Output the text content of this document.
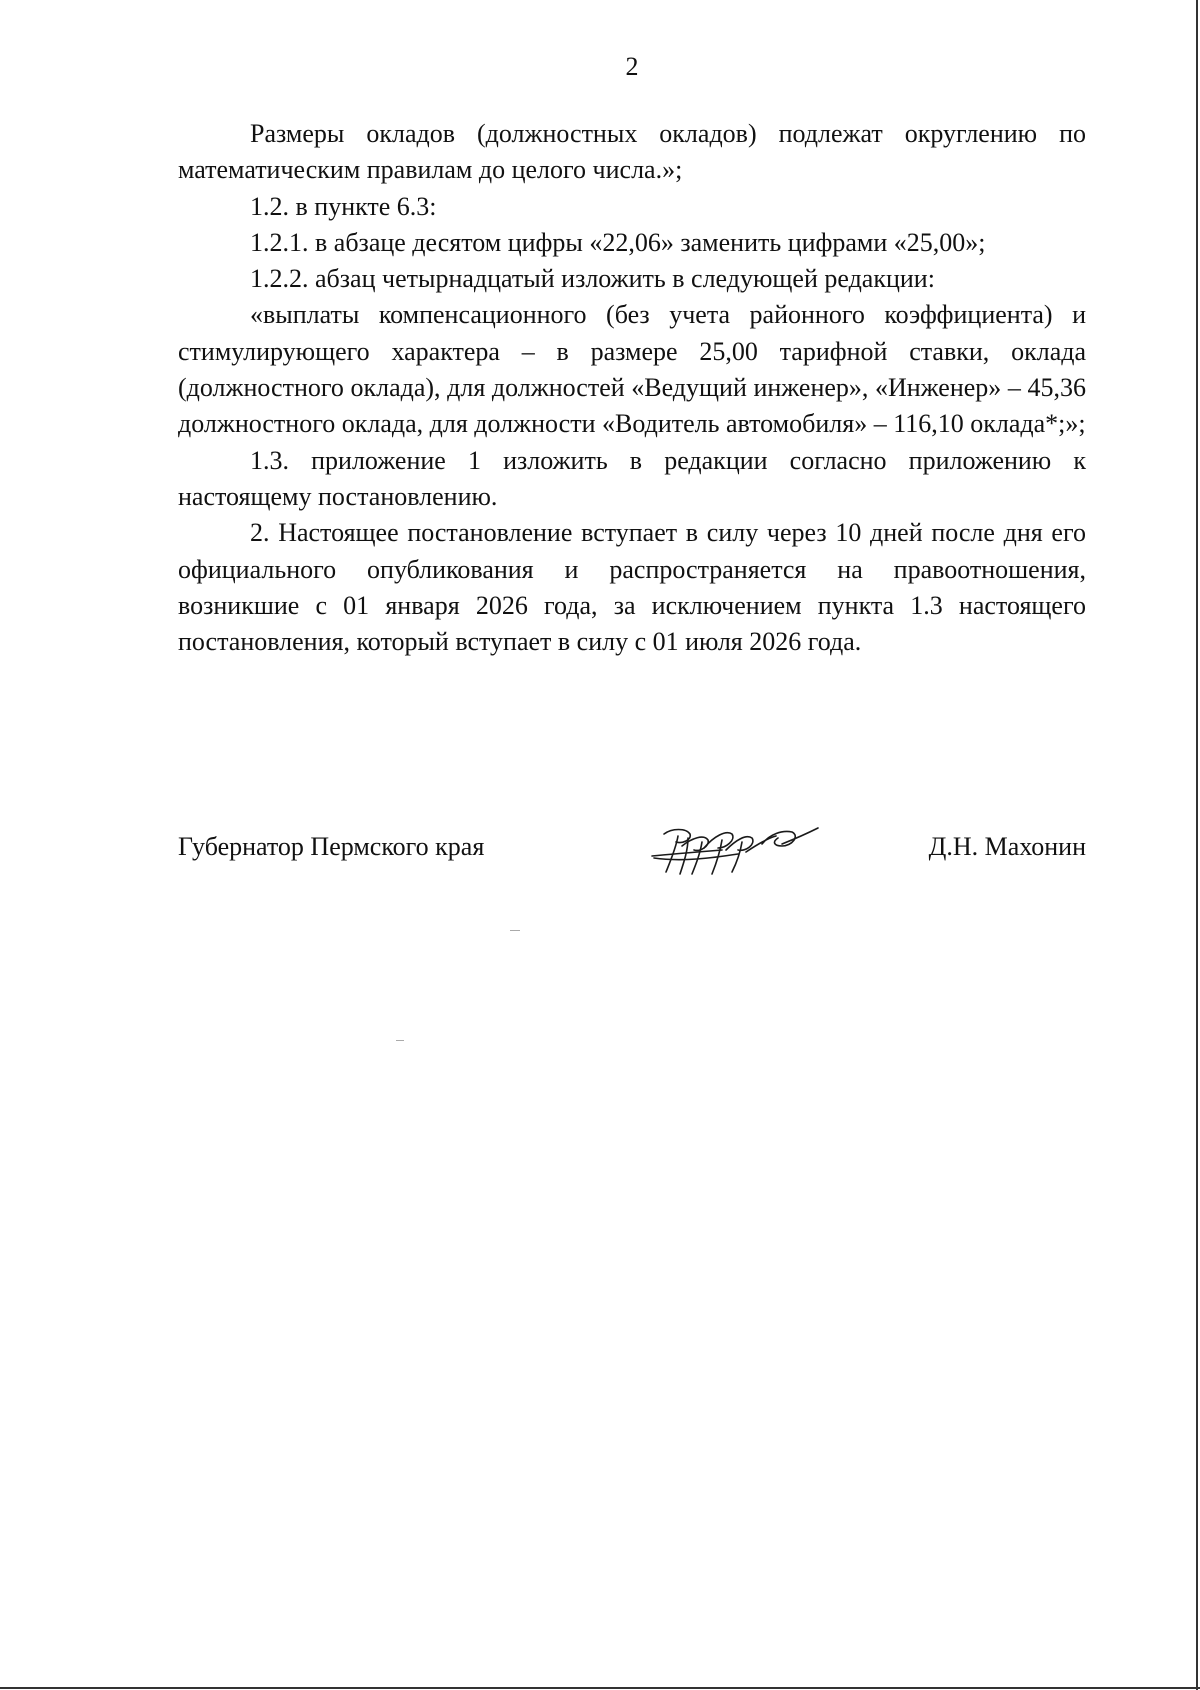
2

Размеры окладов (должностных окладов) подлежат округлению по математическим правилам до целого числа.»;

1.2. в пункте 6.3:

1.2.1. в абзаце десятом цифры «22,06» заменить цифрами «25,00»;

1.2.2. абзац четырнадцатый изложить в следующей редакции:

«выплаты компенсационного (без учета районного коэффициента) и стимулирующего характера – в размере 25,00 тарифной ставки, оклада (должностного оклада), для должностей «Ведущий инженер», «Инженер» – 45,36 должностного оклада, для должности «Водитель автомобиля» – 116,10 оклада*;»;

1.3. приложение 1 изложить в редакции согласно приложению к настоящему постановлению.

2. Настоящее постановление вступает в силу через 10 дней после дня его официального опубликования и распространяется на правоотношения, возникшие с 01 января 2026 года, за исключением пункта 1.3 настоящего постановления, который вступает в силу с 01 июля 2026 года.

Губернатор Пермского края	Д.Н. Махонин
